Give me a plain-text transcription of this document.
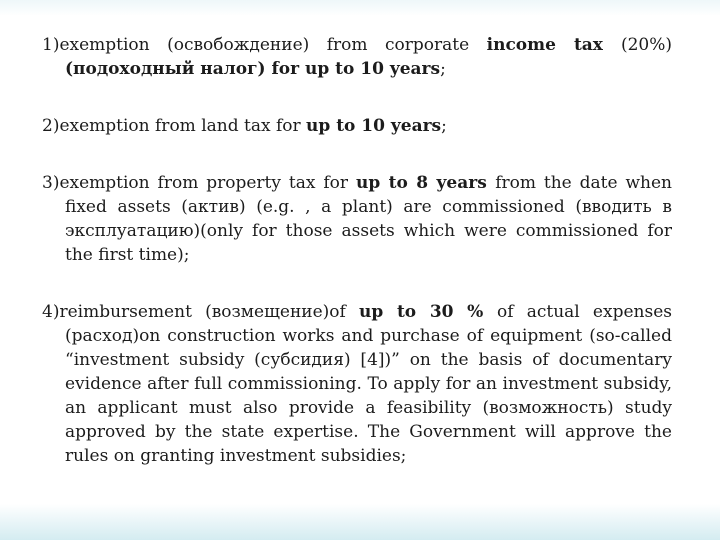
1)exemption (освобождение) from corporate income tax (20%) (подоходный налог) for up to 10 years;

2)exemption from land tax for up to 10 years;

3)exemption from property tax for up to 8 years from the date when fixed assets (актив) (e.g. , a plant) are commissioned (вводить в эксплуатацию)(only for those assets which were commissioned for the first time);

4)reimbursement (возмещение)of up to 30 % of actual expenses (расход)on construction works and purchase of equipment (so-called “investment subsidy (субсидия) [4])” on the basis of documentary evidence after full commissioning. To apply for an investment subsidy, an applicant must also provide a feasibility (возможность) study approved by the state expertise. The Government will approve the rules on granting investment subsidies;
